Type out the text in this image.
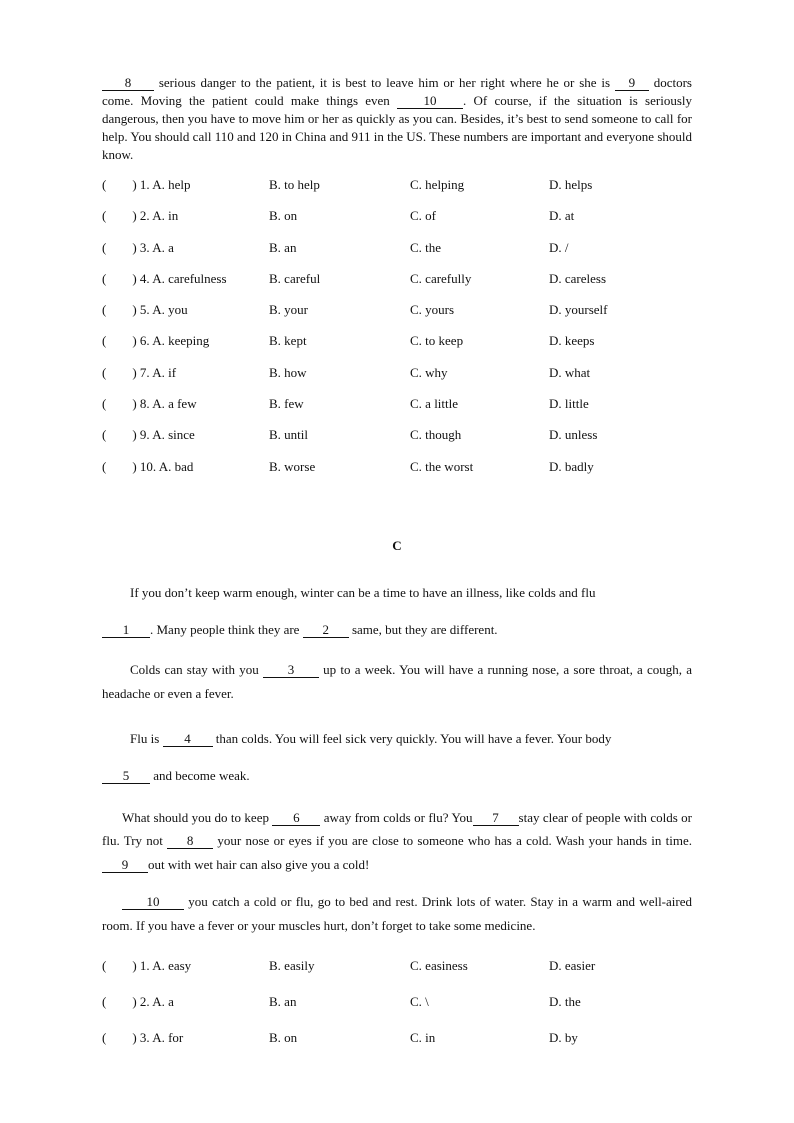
8 serious danger to the patient, it is best to leave him or her right where he or she is 9 doctors come. Moving the patient could make things even 10 . Of course, if the situation is seriously dangerous, then you have to move him or her as quickly as you can. Besides, it’s best to send someone to call for help. You should call 110 and 120 in China and 911 in the US. These numbers are important and everyone should know.

(        ) 1. A. help	B. to help	C. helping	D. helps
(        ) 2. A. in	B. on	C. of	D. at
(        ) 3. A. a	B. an	C. the	D. /
(        ) 4. A. carefulness	B. careful	C. carefully	D. careless
(        ) 5. A. you	B. your	C. yours	D. yourself
(        ) 6. A. keeping	B. kept	C. to keep	D. keeps
(        ) 7. A. if	B. how	C. why	D. what
(        ) 8. A. a few	B. few	C. a little	D. little
(        ) 9. A. since	B. until	C. though	D. unless
(        ) 10. A. bad	B. worse	C. the worst	D. badly
C

If you don’t keep warm enough, winter can be a time to have an illness, like colds and flu
1 . Many people think they are 2 same, but they are different.

Colds can stay with you 3 up to a week. You will have a running nose, a sore throat, a cough, a headache or even a fever.

Flu is 4 than colds. You will feel sick very quickly. You will have a fever. Your body
5 and become weak.

What should you do to keep 6 away from colds or flu? You 7 stay clear of people with colds or flu. Try not 8 your nose or eyes if you are close to someone who has a cold. Wash your hands in time. 9 out with wet hair can also give you a cold!

10 you catch a cold or flu, go to bed and rest. Drink lots of water. Stay in a warm and well-aired room. If you have a fever or your muscles hurt, don’t forget to take some medicine.

(        ) 1. A. easy	B. easily	C. easiness	D. easier
(        ) 2. A. a	B. an	C. \	D. the
(        ) 3. A. for	B. on	C. in	D. by
